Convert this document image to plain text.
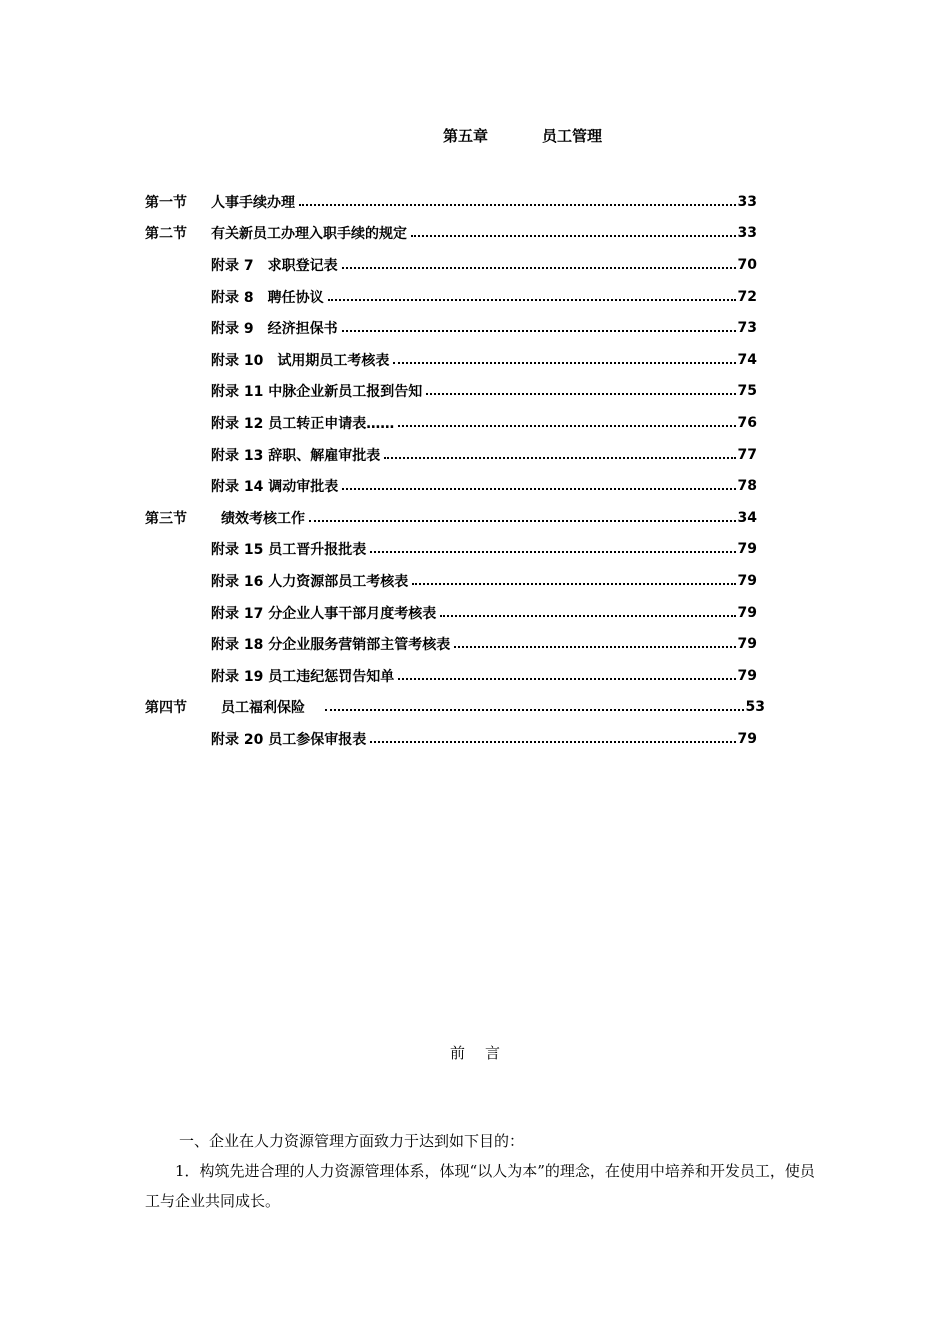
第五章	员工管理
第一节	人事手续办理	33
第二节	有关新员工办理入职手续的规定	33
附录 7　求职登记表	70
附录 8　聘任协议	72
附录 9　经济担保书	73
附录 10　试用期员工考核表	74
附录 11 中脉企业新员工报到告知	75
附录 12 员工转正申请表……	76
附录 13 辞职、解雇审批表	77
附录 14 调动审批表	78
第三节	绩效考核工作	34
附录 15 员工晋升报批表	79
附录 16 人力资源部员工考核表	79
附录 17 分企业人事干部月度考核表	79
附录 18 分企业服务营销部主管考核表	79
附录 19 员工违纪惩罚告知单	79
第四节	员工福利保险	53
附录 20 员工参保审报表	79
前 言
一、企业在人力资源管理方面致力于达到如下目的：
1．构筑先进合理的人力资源管理体系，体现“以人为本”的理念，在使用中培养和开发员工，使员工与企业共同成长。
